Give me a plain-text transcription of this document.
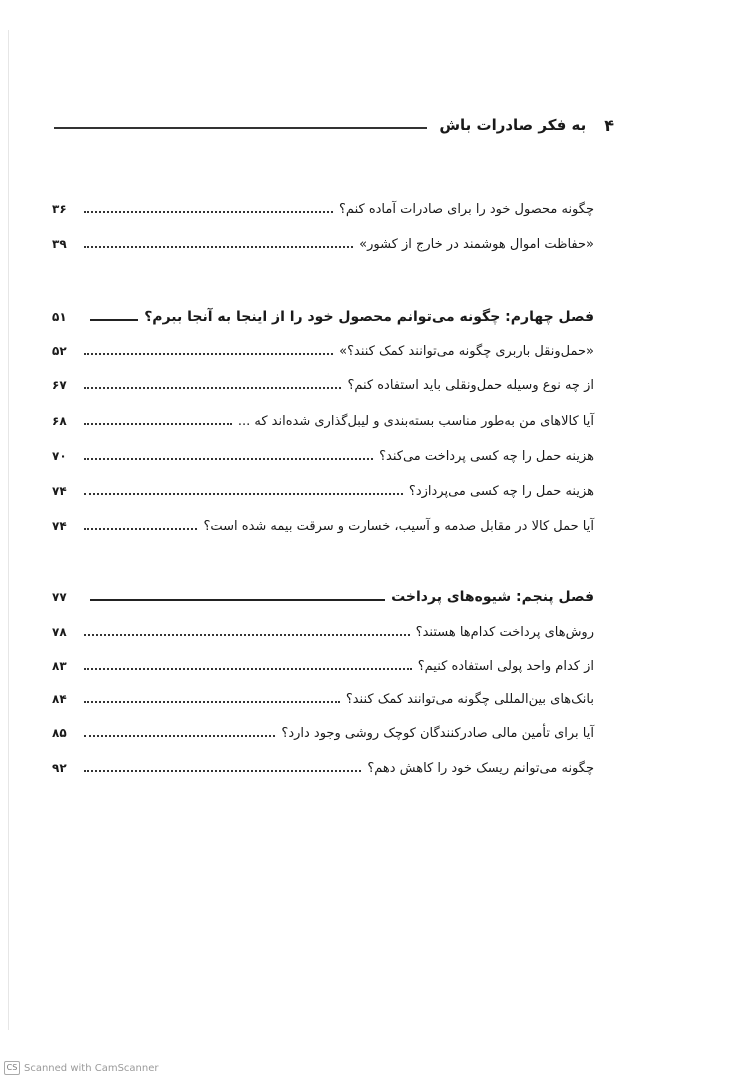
۴
به فکر صادرات باش
چگونه محصول خود را برای صادرات آماده کنم؟
۳۶
«حفاظت اموال هوشمند در خارج از کشور»
۳۹
فصل چهارم: چگونه می‌توانم محصول خود را از اینجا به آنجا ببرم؟
۵۱
«حمل‌ونقل باربری چگونه می‌توانند کمک کنند؟»
۵۲
از چه نوع وسیله حمل‌ونقلی باید استفاده کنم؟
۶۷
آیا کالاهای من به‌طور مناسب بسته‌بندی و لیبل‌گذاری شده‌اند که ...
۶۸
هزینه حمل را چه کسی پرداخت می‌کند؟
۷۰
هزینه حمل را چه کسی می‌پردازد؟
۷۴
آیا حمل کالا در مقابل صدمه و آسیب، خسارت و سرقت بیمه شده است؟
۷۴
فصل پنجم: شیوه‌های پرداخت
۷۷
روش‌های پرداخت کدام‌ها هستند؟
۷۸
از کدام واحد پولی استفاده کنیم؟
۸۳
بانک‌های بین‌المللی چگونه می‌توانند کمک کنند؟
۸۴
آیا برای تأمین مالی صادرکنندگان کوچک روشی وجود دارد؟
۸۵
چگونه می‌توانم ریسک خود را کاهش دهم؟
۹۲
CS Scanned with CamScanner
